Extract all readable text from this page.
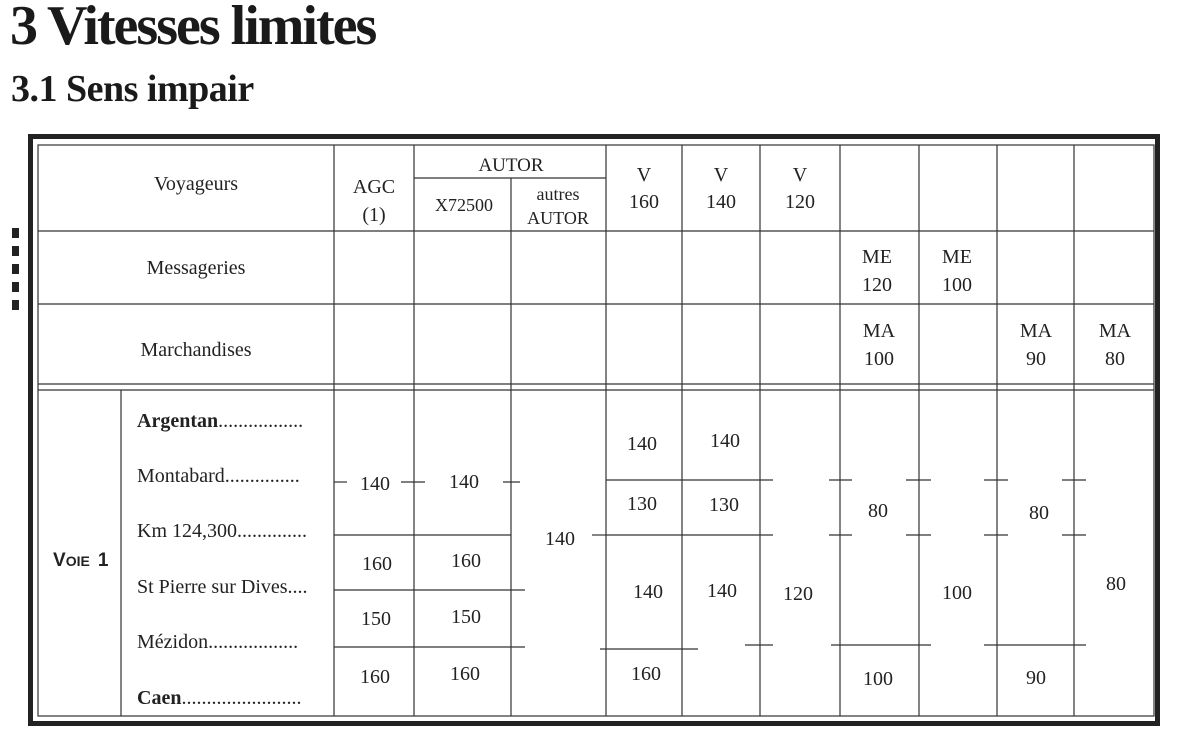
3 Vitesses limites
3.1 Sens impair
Voyageurs
Messageries
Marchandises
AGC
(1)
AUTOR
X72500
autres
AUTOR
V
160
V
140
V
120
ME
120
ME
100
MA
100
MA
90
MA
80
VOIE 1
Argentan.................
Montabard...............
Km 124,300..............
St Pierre sur Dives....
Mézidon..................
Caen........................
140
160
150
160
140
160
150
160
140
140
130
140
160
140
130
140 120
80
100
100
80
90
80
